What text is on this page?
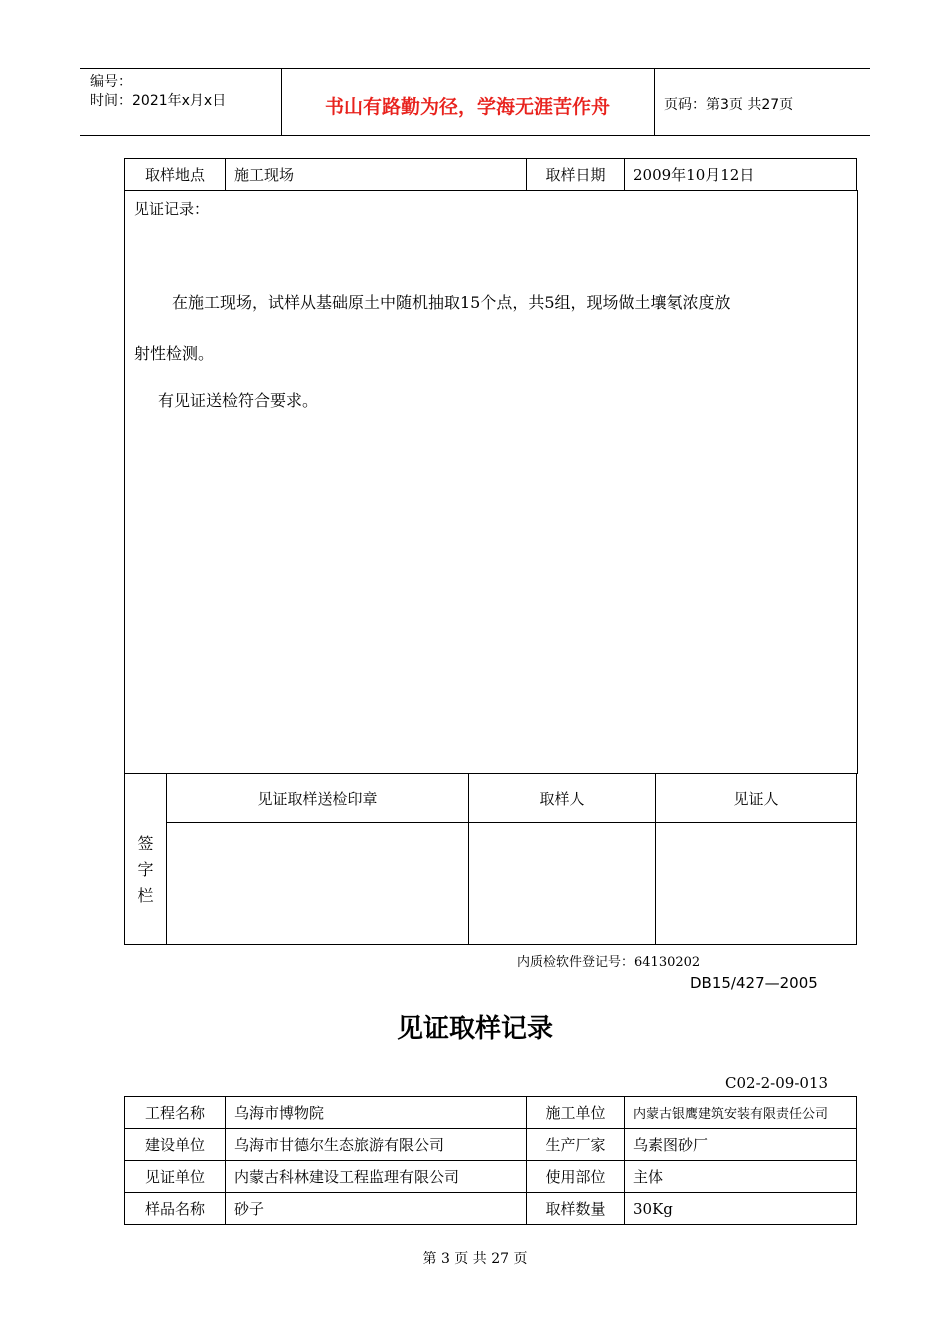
编号：
时间：2021年x月x日	书山有路勤为径，学海无涯苦作舟	页码：第3页 共27页
取样地点	施工现场	取样日期	2009年10月12日
见证记录：
在施工现场，试样从基础原土中随机抽取15个点，共5组，现场做土壤氡浓度放
射性检测。
有见证送检符合要求。
签字栏	见证取样送检印章	取样人	见证人

内质检软件登记号：64130202
DB15/427—2005
见证取样记录
C02-2-09-013
工程名称	乌海市博物院	施工单位	内蒙古银鹰建筑安装有限责任公司
建设单位	乌海市甘德尔生态旅游有限公司	生产厂家	乌素图砂厂
见证单位	内蒙古科林建设工程监理有限公司	使用部位	主体
样品名称	砂子	取样数量	30Kg
第 3 页 共 27 页
